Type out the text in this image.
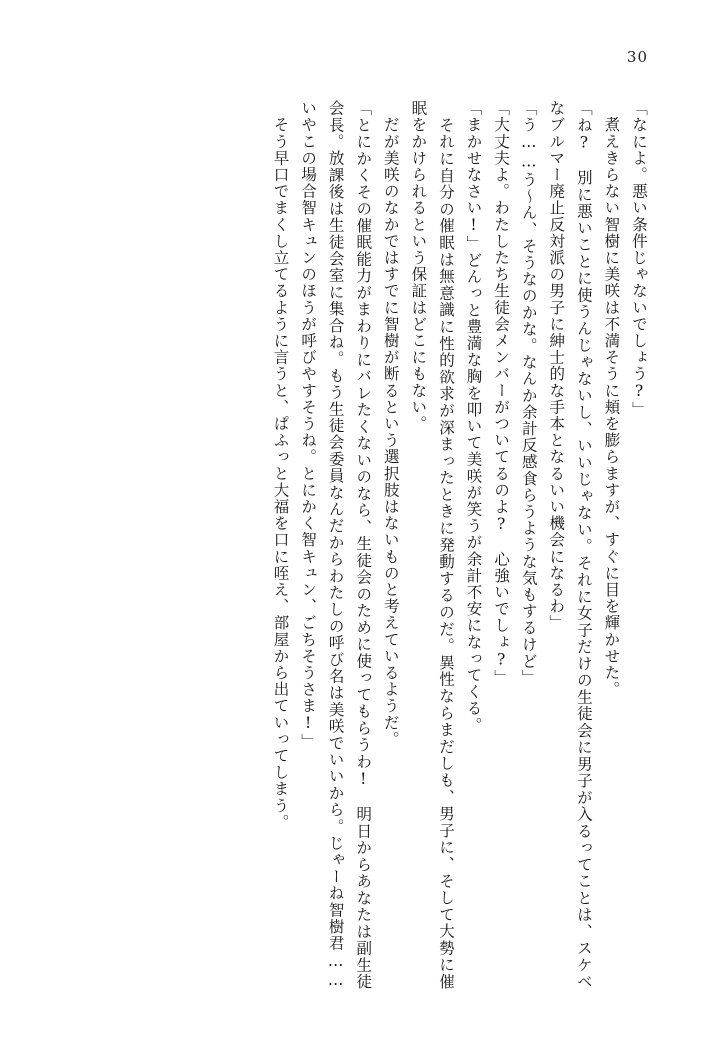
30

「なによ。悪い条件じゃないでしょう?」

　煮えきらない智樹に美咲は不満そうに頬を膨らますが、すぐに目を輝かせた。

「ね?　別に悪いことに使うんじゃないし、いいじゃない。それに女子だけの生徒会に男子が入るってことは、スケベなブルマー廃止反対派の男子に紳士的な手本となるいい機会になるわ」

「う……う～ん、そうなのかな。なんか余計反感食らうような気もするけど」

「大丈夫よ。わたしたち生徒会メンバーがついてるのよ?　心強いでしょ?」

「まかせなさい!」どんっと豊満な胸を叩いて美咲が笑うが余計不安になってくる。

　それに自分の催眠は無意識に性的欲求が深まったときに発動するのだ。異性ならまだしも、男子に、そして大勢に催眠をかけられるという保証はどこにもない。

　だが美咲のなかではすでに智樹が断るという選択肢はないものと考えているようだ。

「とにかくその催眠能力がまわりにバレたくないのなら、生徒会のために使ってもらうわ!　明日からあなたは副生徒会長。放課後は生徒会室に集合ね。もう生徒会委員なんだからわたしの呼び名は美咲でいいから。じゃーね智樹君……いやこの場合智キュンのほうが呼びやすそうね。とにかく智キュン、ごちそうさま!」

　そう早口でまくし立てるように言うと、ぱふっと大福を口に咥え、部屋から出ていってしまう。
